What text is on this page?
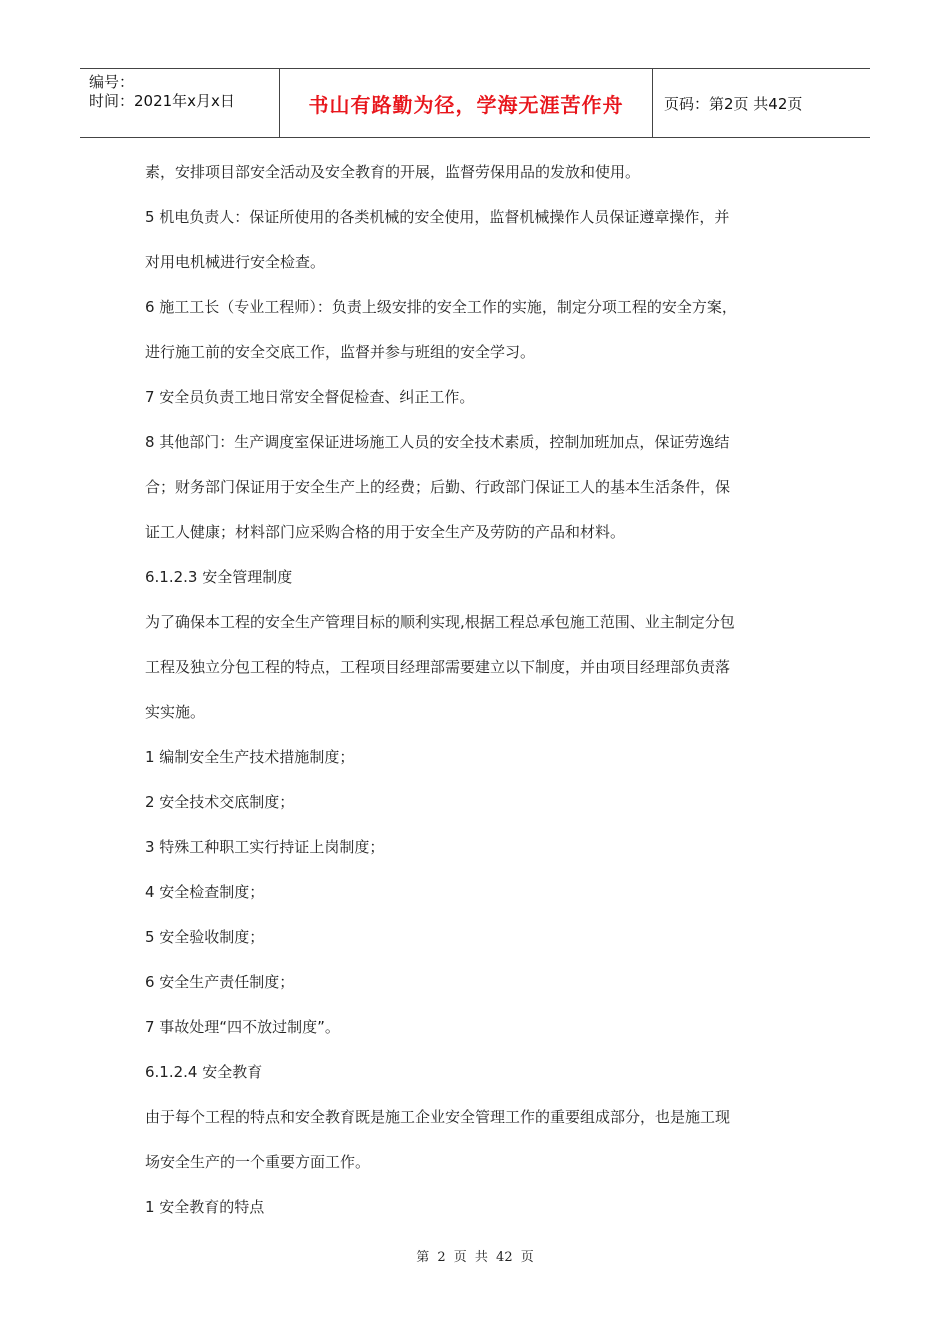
编号：
时间：2021年x月x日	书山有路勤为径，学海无涯苦作舟	页码：第2页 共42页
素，安排项目部安全活动及安全教育的开展，监督劳保用品的发放和使用。
5 机电负责人：保证所使用的各类机械的安全使用，监督机械操作人员保证遵章操作，并
对用电机械进行安全检查。
6 施工工长（专业工程师）：负责上级安排的安全工作的实施，制定分项工程的安全方案，
进行施工前的安全交底工作，监督并参与班组的安全学习。
7 安全员负责工地日常安全督促检查、纠正工作。
8 其他部门：生产调度室保证进场施工人员的安全技术素质，控制加班加点，保证劳逸结
合；财务部门保证用于安全生产上的经费；后勤、行政部门保证工人的基本生活条件，保
证工人健康；材料部门应采购合格的用于安全生产及劳防的产品和材料。
6.1.2.3 安全管理制度
为了确保本工程的安全生产管理目标的顺利实现,根据工程总承包施工范围、业主制定分包
工程及独立分包工程的特点，工程项目经理部需要建立以下制度，并由项目经理部负责落
实实施。
1 编制安全生产技术措施制度；
2 安全技术交底制度；
3 特殊工种职工实行持证上岗制度；
4 安全检查制度；
5 安全验收制度；
6 安全生产责任制度；
7 事故处理“四不放过制度”。
6.1.2.4 安全教育
由于每个工程的特点和安全教育既是施工企业安全管理工作的重要组成部分，也是施工现
场安全生产的一个重要方面工作。
1 安全教育的特点
第 2 页 共 42 页
